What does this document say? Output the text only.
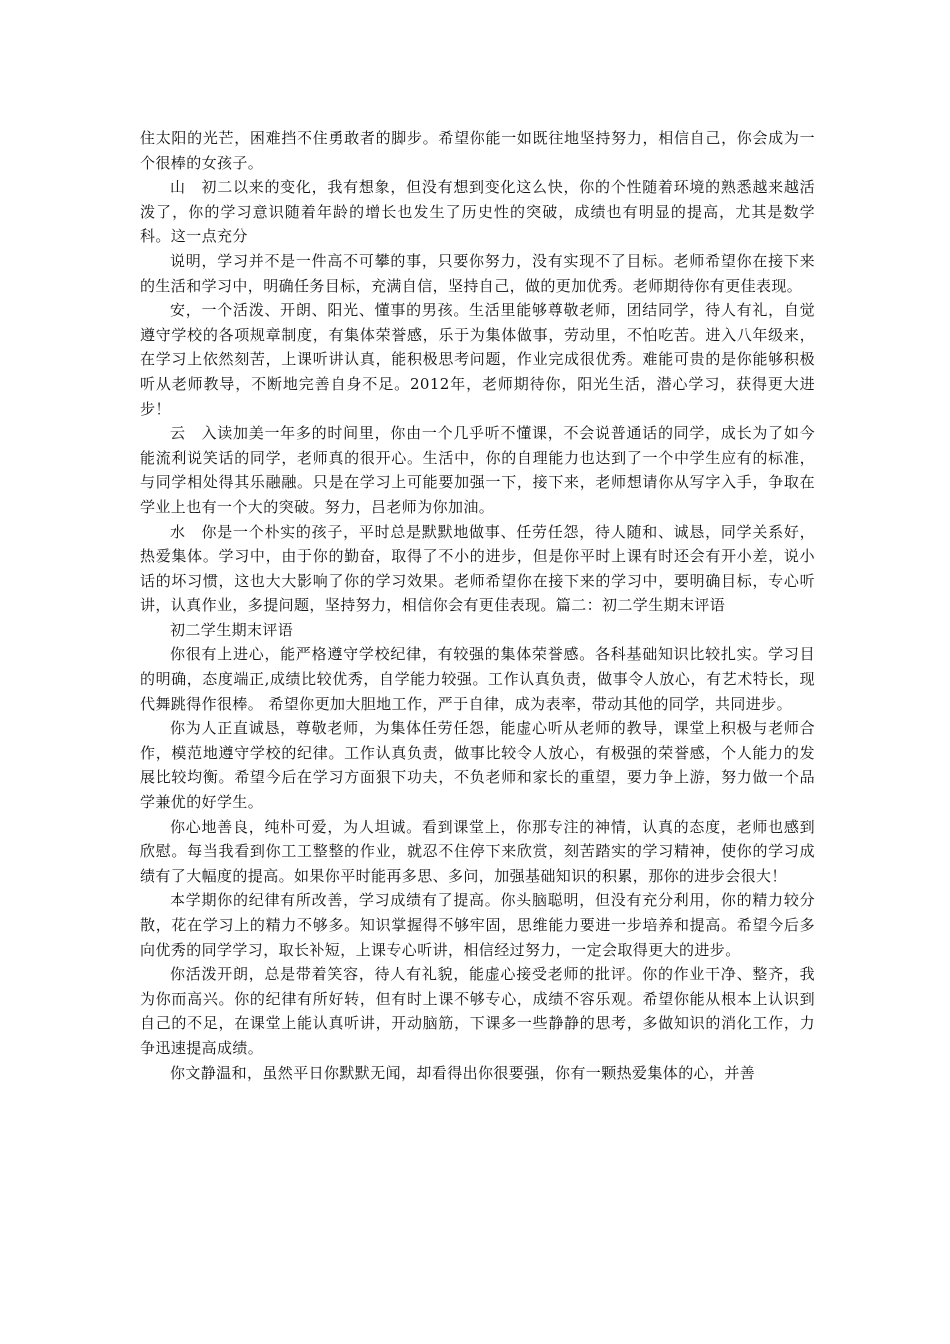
住太阳的光芒，困难挡不住勇敢者的脚步。希望你能一如既往地坚持努力，相信自己，你会成为一个很棒的女孩子。

山　初二以来的变化，我有想象，但没有想到变化这么快，你的个性随着环境的熟悉越来越活泼了，你的学习意识随着年龄的增长也发生了历史性的突破，成绩也有明显的提高，尤其是数学科。这一点充分

说明，学习并不是一件高不可攀的事，只要你努力，没有实现不了目标。老师希望你在接下来的生活和学习中，明确任务目标，充满自信，坚持自己，做的更加优秀。老师期待你有更佳表现。

安，一个活泼、开朗、阳光、懂事的男孩。生活里能够尊敬老师，团结同学，待人有礼，自觉遵守学校的各项规章制度，有集体荣誉感，乐于为集体做事，劳动里，不怕吃苦。进入八年级来，在学习上依然刻苦，上课听讲认真，能积极思考问题，作业完成很优秀。难能可贵的是你能够积极听从老师教导，不断地完善自身不足。2012年，老师期待你，阳光生活，潜心学习，获得更大进步！

云　入读加美一年多的时间里，你由一个几乎听不懂课，不会说普通话的同学，成长为了如今能流利说笑话的同学，老师真的很开心。生活中，你的自理能力也达到了一个中学生应有的标准，与同学相处得其乐融融。只是在学习上可能要加强一下，接下来，老师想请你从写字入手，争取在学业上也有一个大的突破。努力，吕老师为你加油。

水　你是一个朴实的孩子，平时总是默默地做事、任劳任怨，待人随和、诚恳，同学关系好，热爱集体。学习中，由于你的勤奋，取得了不小的进步，但是你平时上课有时还会有开小差，说小话的坏习惯，这也大大影响了你的学习效果。老师希望你在接下来的学习中，要明确目标，专心听讲，认真作业，多提问题，坚持努力，相信你会有更佳表现。篇二：初二学生期末评语

初二学生期末评语

你很有上进心，能严格遵守学校纪律，有较强的集体荣誉感。各科基础知识比较扎实。学习目的明确，态度端正,成绩比较优秀，自学能力较强。工作认真负责，做事令人放心，有艺术特长，现代舞跳得作很棒。 希望你更加大胆地工作，严于自律，成为表率，带动其他的同学，共同进步。

你为人正直诚恳，尊敬老师，为集体任劳任怨，能虚心听从老师的教导，课堂上积极与老师合作，模范地遵守学校的纪律。工作认真负责，做事比较令人放心，有极强的荣誉感，个人能力的发展比较均衡。希望今后在学习方面狠下功夫，不负老师和家长的重望，要力争上游，努力做一个品学兼优的好学生。

你心地善良，纯朴可爱，为人坦诚。看到课堂上，你那专注的神情，认真的态度，老师也感到欣慰。每当我看到你工工整整的作业，就忍不住停下来欣赏，刻苦踏实的学习精神，使你的学习成绩有了大幅度的提高。如果你平时能再多思、多问，加强基础知识的积累，那你的进步会很大！

本学期你的纪律有所改善，学习成绩有了提高。你头脑聪明，但没有充分利用，你的精力较分散，花在学习上的精力不够多。知识掌握得不够牢固，思维能力要进一步培养和提高。希望今后多向优秀的同学学习，取长补短，上课专心听讲，相信经过努力，一定会取得更大的进步。

你活泼开朗，总是带着笑容，待人有礼貌，能虚心接受老师的批评。你的作业干净、整齐，我为你而高兴。你的纪律有所好转，但有时上课不够专心，成绩不容乐观。希望你能从根本上认识到自己的不足，在课堂上能认真听讲，开动脑筋，下课多一些静静的思考，多做知识的消化工作，力争迅速提高成绩。

你文静温和，虽然平日你默默无闻，却看得出你很要强，你有一颗热爱集体的心，并善
